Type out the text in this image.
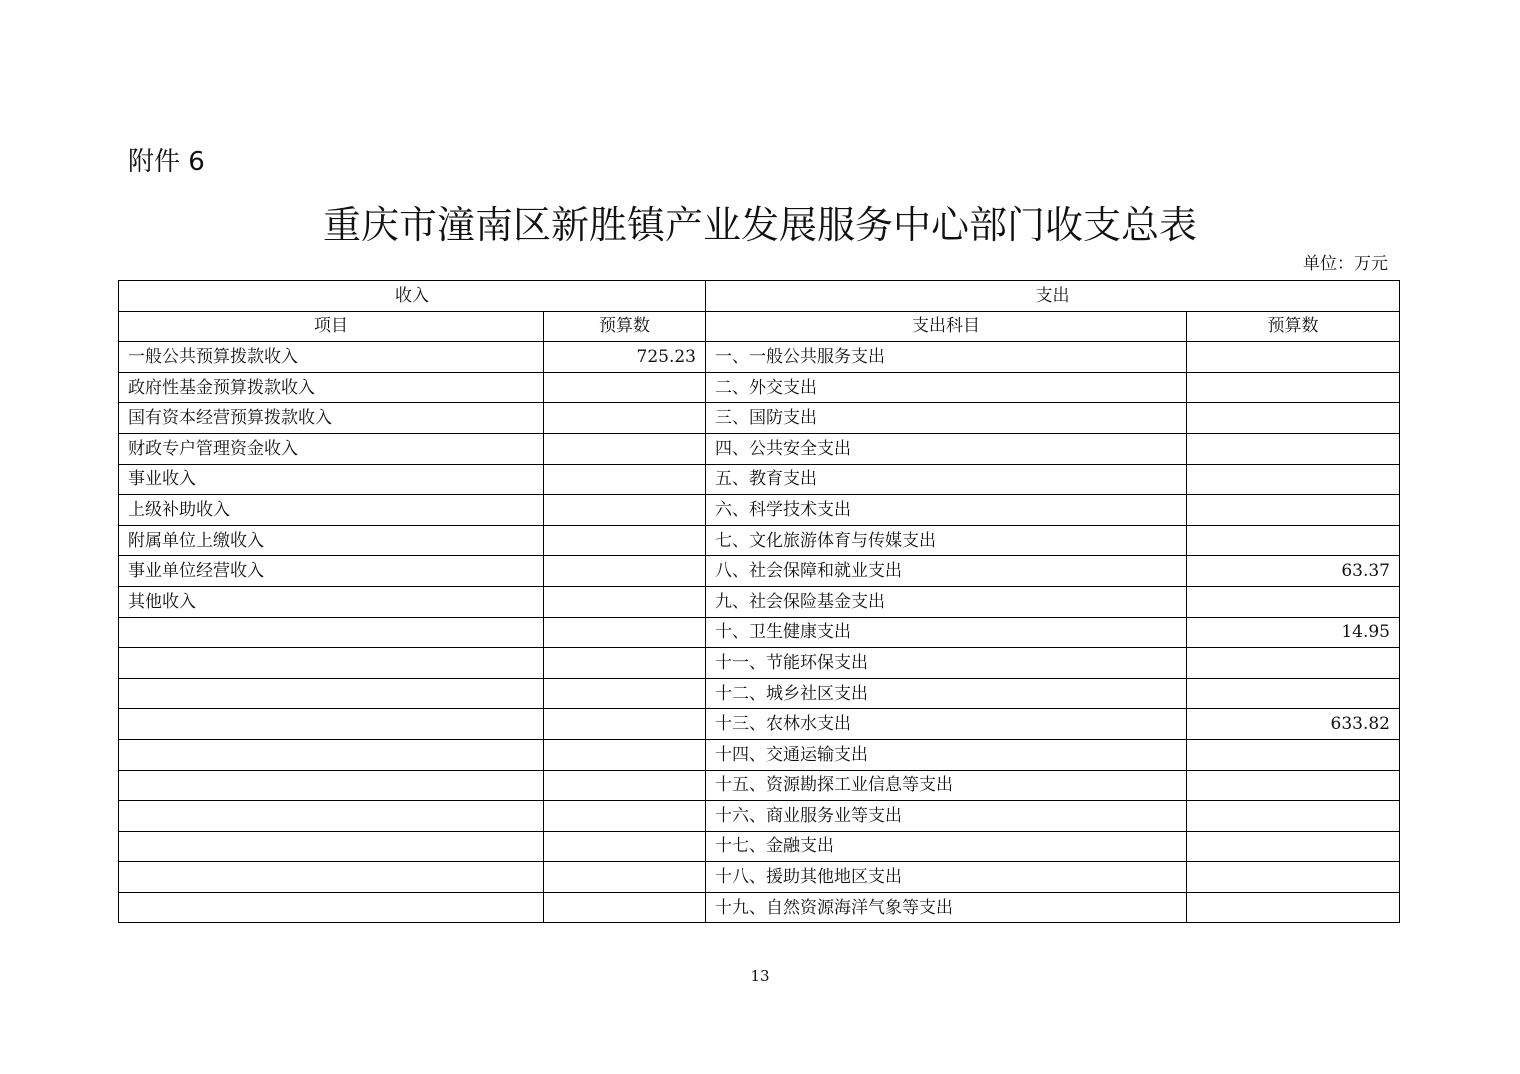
附件 6
重庆市潼南区新胜镇产业发展服务中心部门收支总表
单位：万元
收入		支出	
项目	预算数	支出科目	预算数
一般公共预算拨款收入	725.23	一、一般公共服务支出	
政府性基金预算拨款收入		二、外交支出	
国有资本经营预算拨款收入		三、国防支出	
财政专户管理资金收入		四、公共安全支出	
事业收入		五、教育支出	
上级补助收入		六、科学技术支出	
附属单位上缴收入		七、文化旅游体育与传媒支出	
事业单位经营收入		八、社会保障和就业支出	63.37
其他收入		九、社会保险基金支出	
		十、卫生健康支出	14.95
		十一、节能环保支出	
		十二、城乡社区支出	
		十三、农林水支出	633.82
		十四、交通运输支出	
		十五、资源勘探工业信息等支出	
		十六、商业服务业等支出	
		十七、金融支出	
		十八、援助其他地区支出	
		十九、自然资源海洋气象等支出	
13
